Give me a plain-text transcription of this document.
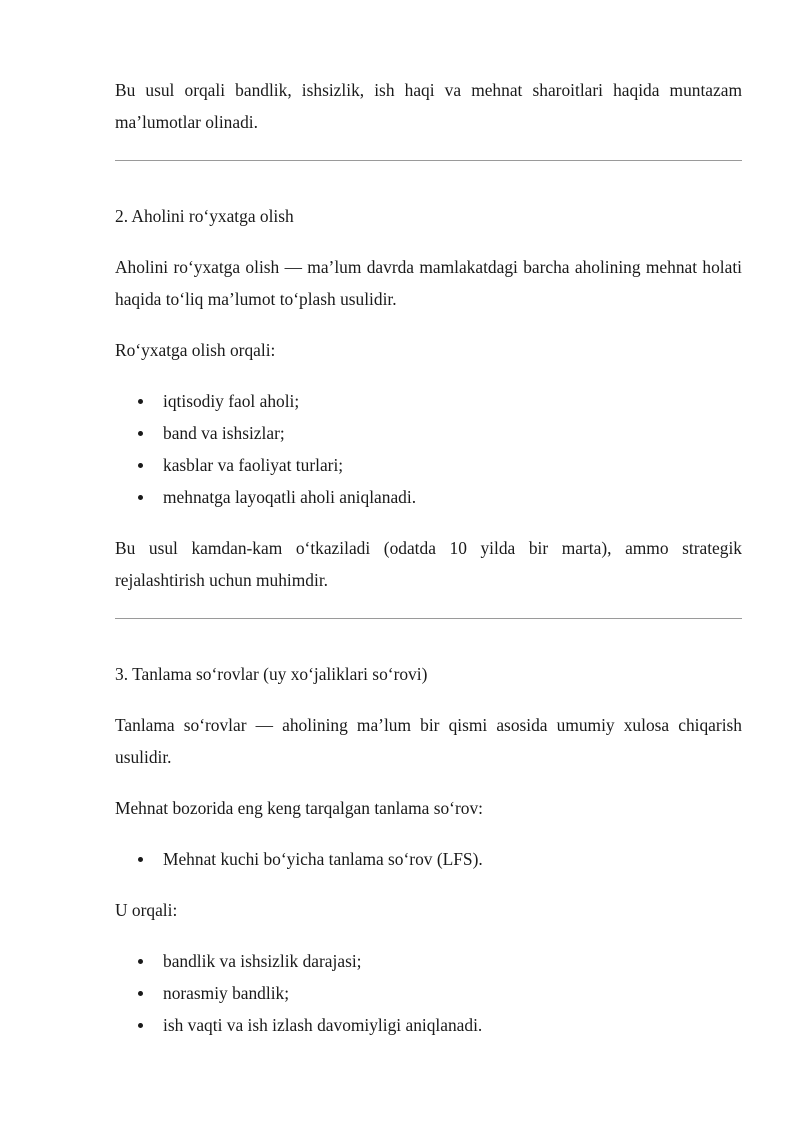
Bu usul orqali bandlik, ishsizlik, ish haqi va mehnat sharoitlari haqida muntazam ma’lumotlar olinadi.

2. Aholini ro‘yxatga olish

Aholini ro‘yxatga olish — ma’lum davrda mamlakatdagi barcha aholining mehnat holati haqida to‘liq ma’lumot to‘plash usulidir.

Ro‘yxatga olish orqali:

iqtisodiy faol aholi;
band va ishsizlar;
kasblar va faoliyat turlari;
mehnatga layoqatli aholi aniqlanadi.

Bu usul kamdan-kam o‘tkaziladi (odatda 10 yilda bir marta), ammo strategik rejalashtirish uchun muhimdir.

3. Tanlama so‘rovlar (uy xo‘jaliklari so‘rovi)

Tanlama so‘rovlar — aholining ma’lum bir qismi asosida umumiy xulosa chiqarish usulidir.

Mehnat bozorida eng keng tarqalgan tanlama so‘rov:

Mehnat kuchi bo‘yicha tanlama so‘rov (LFS).

U orqali:

bandlik va ishsizlik darajasi;
norasmiy bandlik;
ish vaqti va ish izlash davomiyligi aniqlanadi.
